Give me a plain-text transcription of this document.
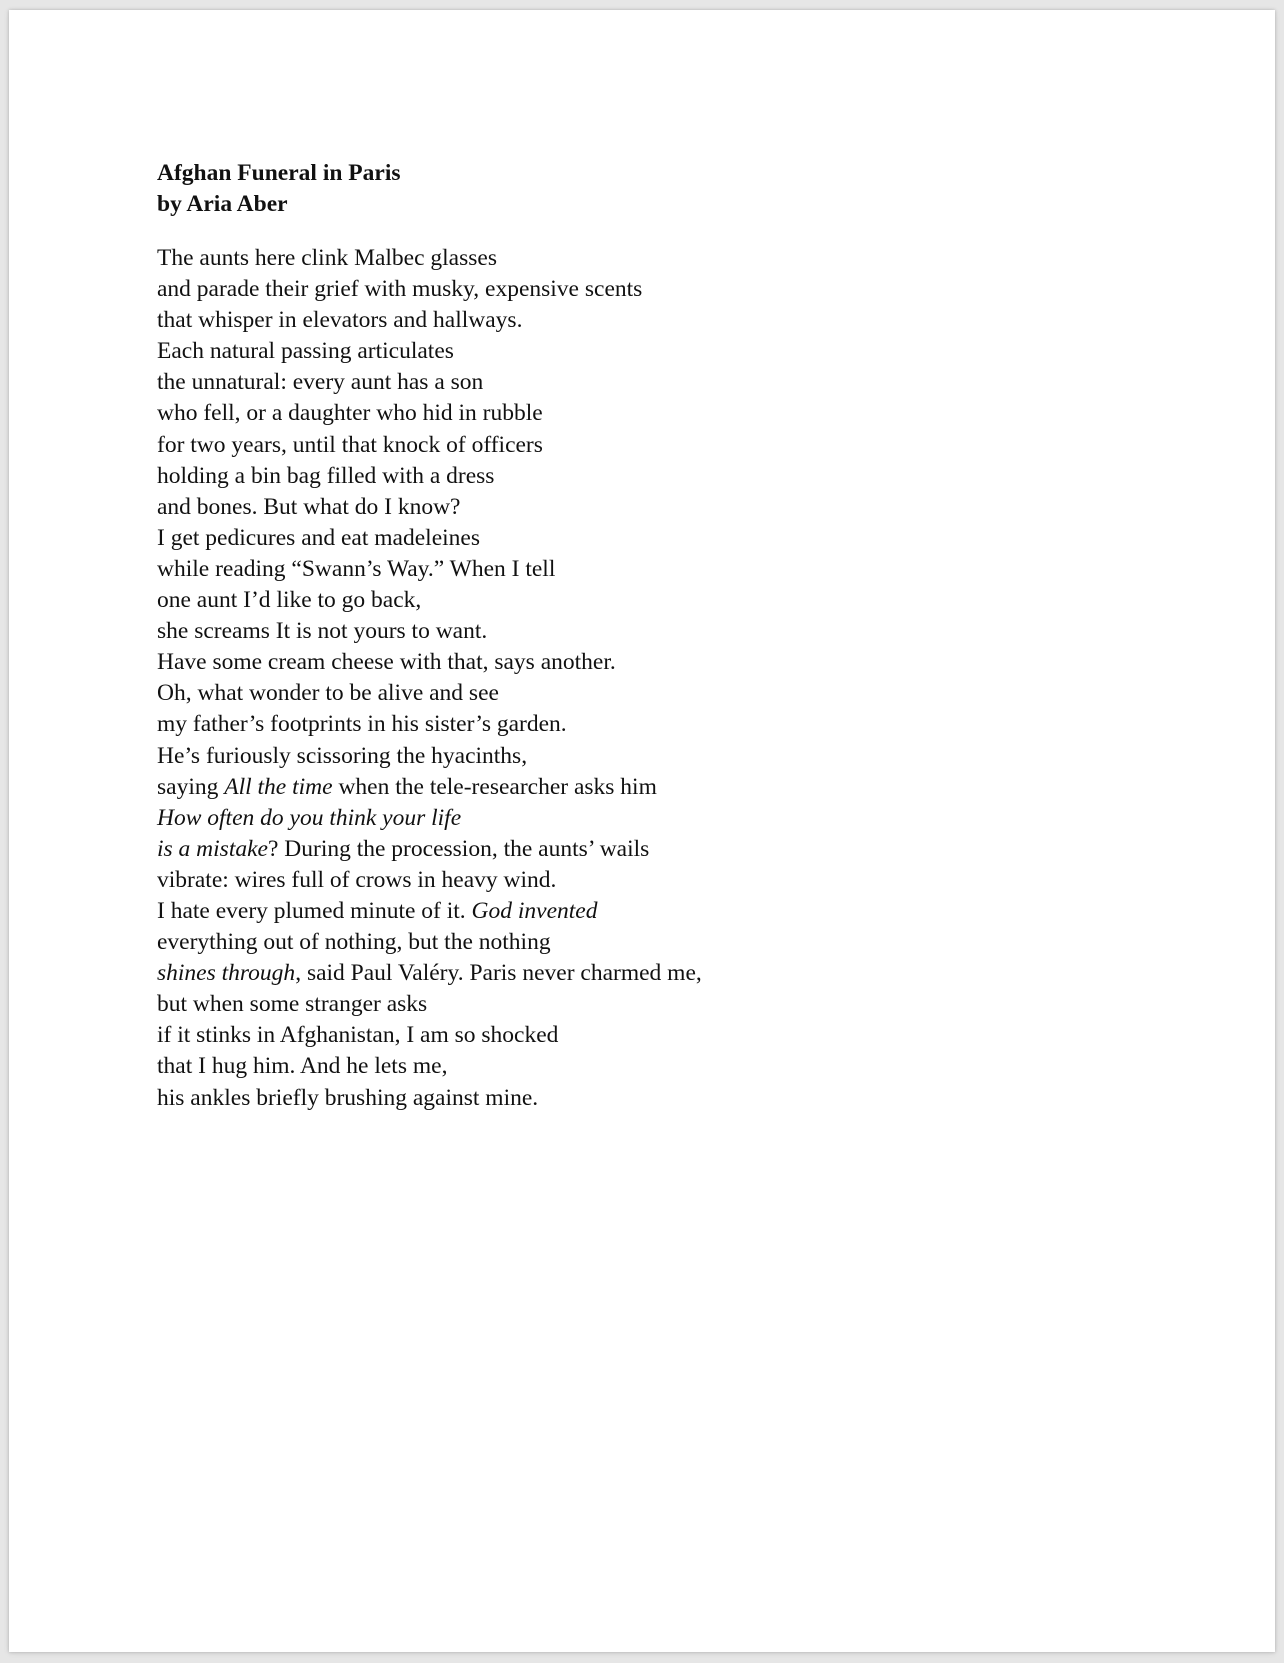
Afghan Funeral in Paris
by Aria Aber
The aunts here clink Malbec glasses
and parade their grief with musky, expensive scents
that whisper in elevators and hallways.
Each natural passing articulates
the unnatural: every aunt has a son
who fell, or a daughter who hid in rubble
for two years, until that knock of officers
holding a bin bag filled with a dress
and bones. But what do I know?
I get pedicures and eat madeleines
while reading “Swann’s Way.” When I tell
one aunt I’d like to go back,
she screams It is not yours to want.
Have some cream cheese with that, says another.
Oh, what wonder to be alive and see
my father’s footprints in his sister’s garden.
He’s furiously scissoring the hyacinths,
saying All the time when the tele-researcher asks him
How often do you think your life
is a mistake? During the procession, the aunts’ wails
vibrate: wires full of crows in heavy wind.
I hate every plumed minute of it. God invented
everything out of nothing, but the nothing
shines through, said Paul Valéry. Paris never charmed me,
but when some stranger asks
if it stinks in Afghanistan, I am so shocked
that I hug him. And he lets me,
his ankles briefly brushing against mine.
